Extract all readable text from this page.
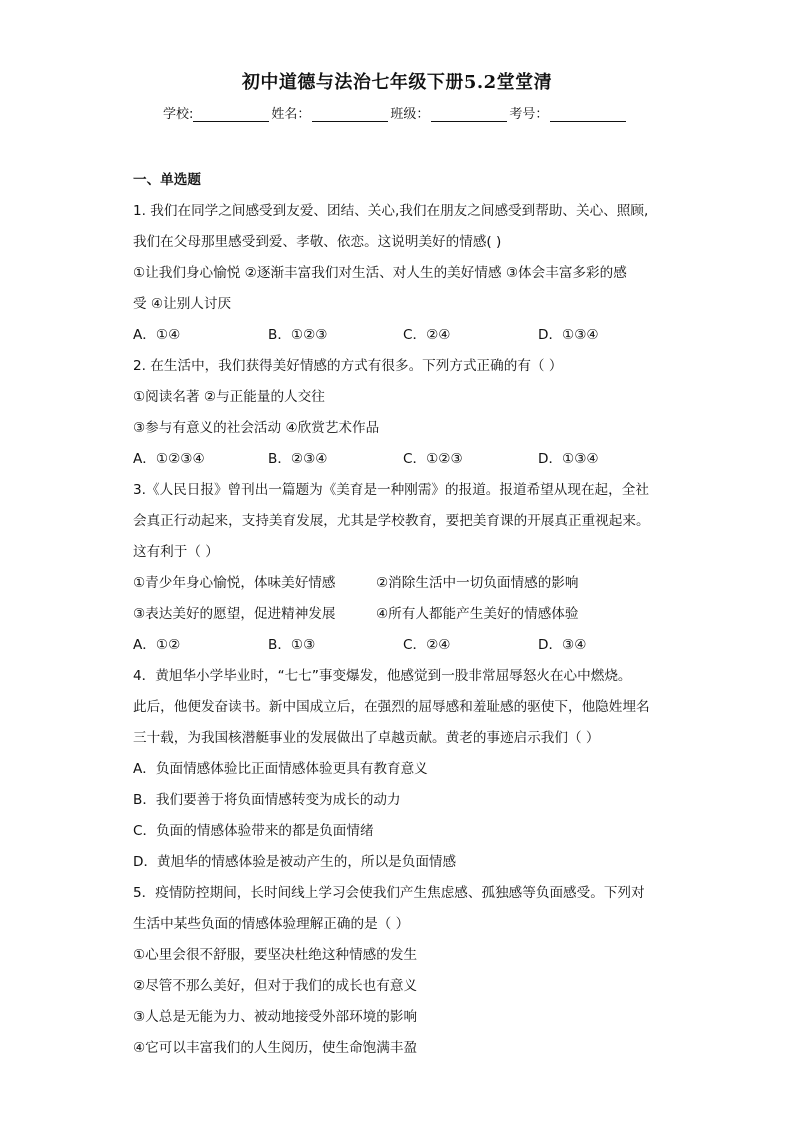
初中道德与法治七年级下册5.2堂堂清
学校:	姓名：	班级：	考号：
一、单选题
1. 我们在同学之间感受到友爱、团结、关心,我们在朋友之间感受到帮助、关心、照顾,
我们在父母那里感受到爱、孝敬、依恋。这说明美好的情感( )
①让我们身心愉悦 ②逐渐丰富我们对生活、对人生的美好情感 ③体会丰富多彩的感
受 ④让别人讨厌
A．①④	B．①②③	C．②④	D．①③④
2. 在生活中，我们获得美好情感的方式有很多。下列方式正确的有（ ）
①阅读名著 ②与正能量的人交往
③参与有意义的社会活动 ④欣赏艺术作品
A．①②③④	B．②③④	C．①②③	D．①③④
3.《人民日报》曾刊出一篇题为《美育是一种刚需》的报道。报道希望从现在起，全社
会真正行动起来，支持美育发展，尤其是学校教育，要把美育课的开展真正重视起来。
这有利于（ ）
①青少年身心愉悦，体味美好情感	②消除生活中一切负面情感的影响
③表达美好的愿望，促进精神发展	④所有人都能产生美好的情感体验
A．①②	B．①③	C．②④	D．③④
4．黄旭华小学毕业时，“七七”事变爆发，他感觉到一股非常屈辱怒火在心中燃烧。
此后，他便发奋读书。新中国成立后，在强烈的屈辱感和羞耻感的驱使下，他隐姓埋名
三十载，为我国核潜艇事业的发展做出了卓越贡献。黄老的事迹启示我们（ ）
A．负面情感体验比正面情感体验更具有教育意义
B．我们要善于将负面情感转变为成长的动力
C．负面的情感体验带来的都是负面情绪
D．黄旭华的情感体验是被动产生的，所以是负面情感
5．疫情防控期间，长时间线上学习会使我们产生焦虑感、孤独感等负面感受。下列对
生活中某些负面的情感体验理解正确的是（ ）
①心里会很不舒服，要坚决杜绝这种情感的发生
②尽管不那么美好，但对于我们的成长也有意义
③人总是无能为力、被动地接受外部环境的影响
④它可以丰富我们的人生阅历，使生命饱满丰盈
